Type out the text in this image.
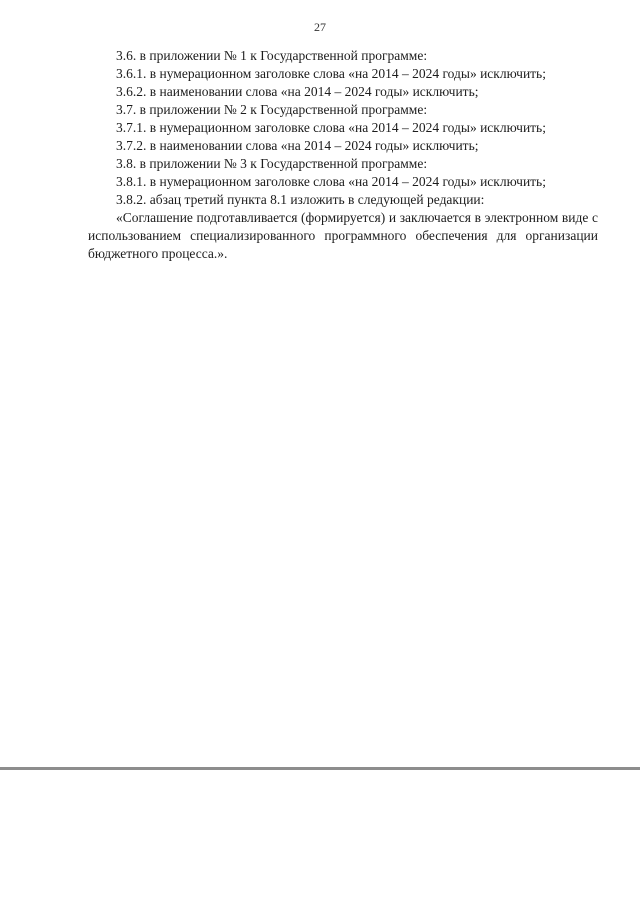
27
3.6. в приложении № 1 к Государственной программе:
3.6.1. в нумерационном заголовке слова «на 2014 – 2024 годы» исключить;
3.6.2. в наименовании слова «на 2014 – 2024 годы» исключить;
3.7. в приложении № 2 к Государственной программе:
3.7.1. в нумерационном заголовке слова «на 2014 – 2024 годы» исключить;
3.7.2. в наименовании слова «на 2014 – 2024 годы» исключить;
3.8. в приложении № 3 к Государственной программе:
3.8.1. в нумерационном заголовке слова «на 2014 – 2024 годы» исключить;
3.8.2. абзац третий пункта 8.1 изложить в следующей редакции:

«Соглашение подготавливается (формируется) и заключается в электронном виде с использованием специализированного программного обеспечения для организации бюджетного процесса.».
